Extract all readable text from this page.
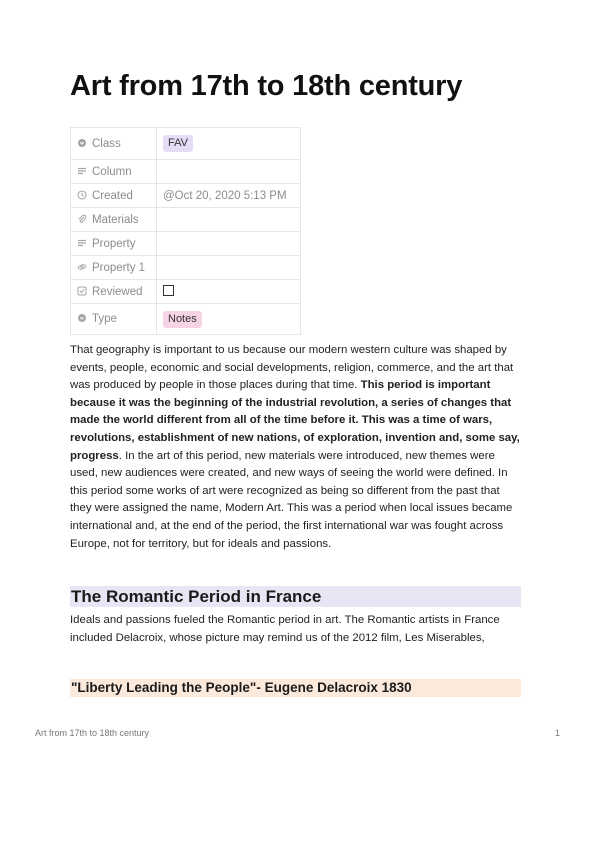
Art from 17th to 18th century
Class	FAV

Column	

Created	@Oct 20, 2020 5:13 PM

Materials	

Property	

Property 1	

Reviewed	

Type	Notes

That geography is important to us because our modern western culture was shaped by events, people, economic and social developments, religion, commerce, and the art that was produced by people in those places during that time. This period is important because it was the beginning of the industrial revolution, a series of changes that made the world different from all of the time before it. This was a time of wars, revolutions, establishment of new nations, of exploration, invention and, some say, progress. In the art of this period, new materials were introduced, new themes were used, new audiences were created, and new ways of seeing the world were defined. In this period some works of art were recognized as being so different from the past that they were assigned the name, Modern Art. This was a period when local issues became international and, at the end of the period, the first international war was fought across Europe, not for territory, but for ideals and passions.

The Romantic Period in France

Ideals and passions fueled the Romantic period in art. The Romantic artists in France included Delacroix, whose picture may remind us of the 2012 film, Les Miserables,

"Liberty Leading the People"- Eugene Delacroix 1830
Art from 17th to 18th century	1
